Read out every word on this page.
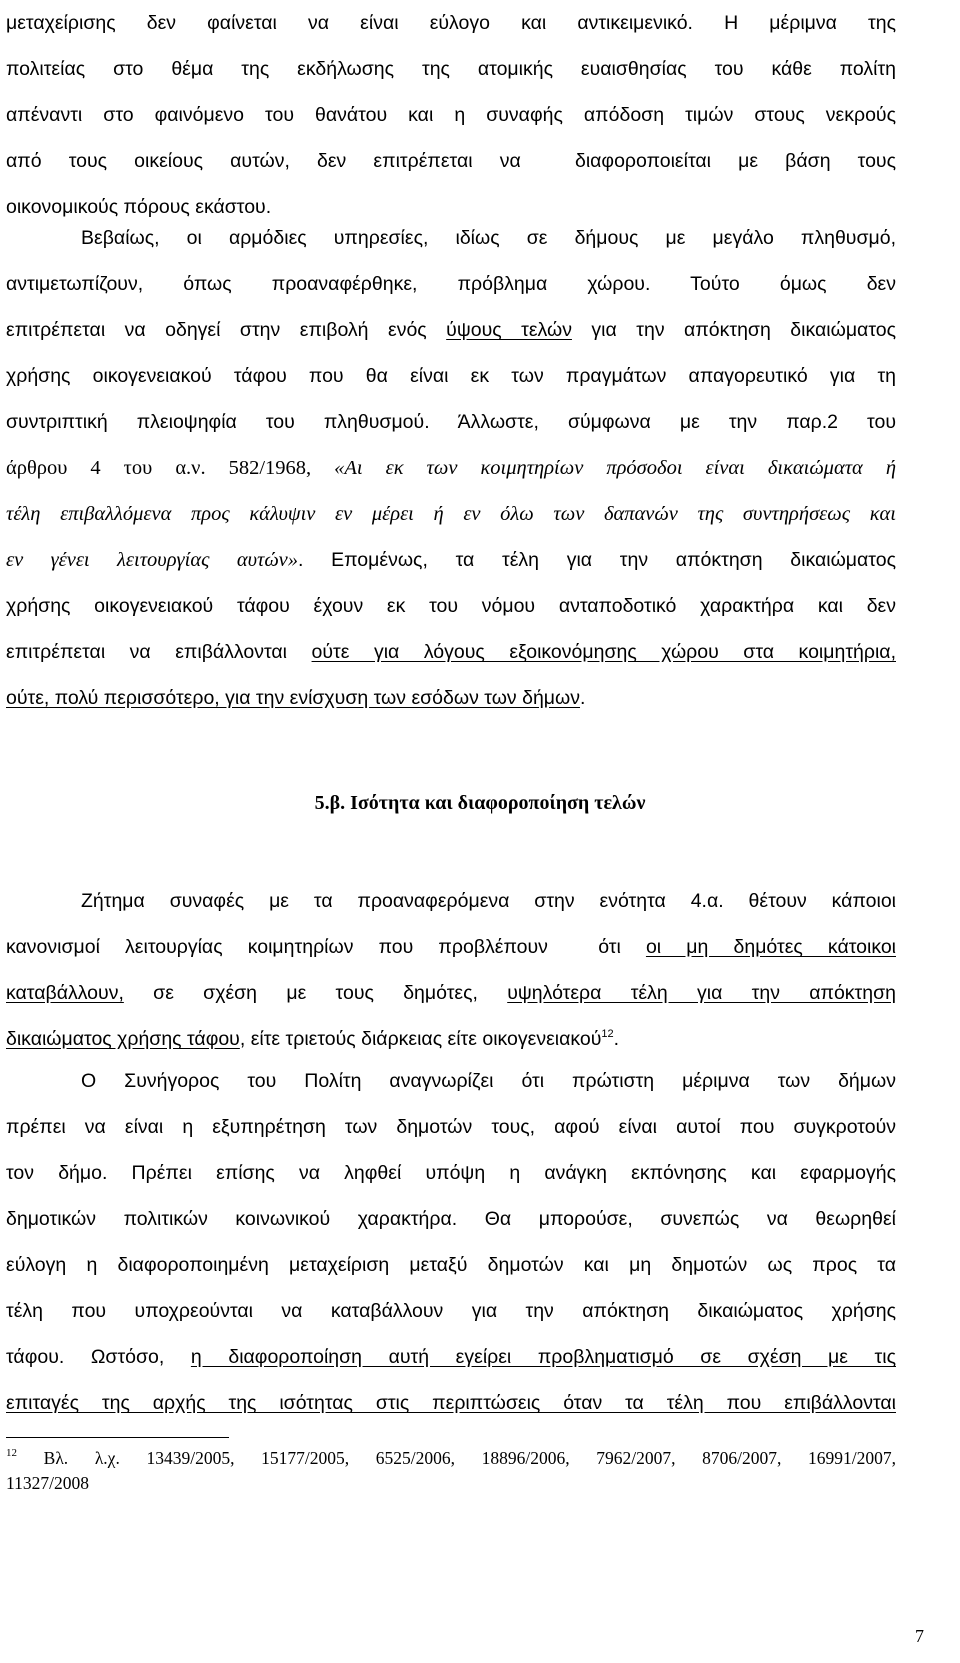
μεταχείρισης δεν φαίνεται να είναι εύλογο και αντικειμενικό. Η μέριμνα της
πολιτείας στο θέμα της εκδήλωσης της ατομικής ευαισθησίας του κάθε πολίτη
απέναντι στο φαινόμενο του θανάτου και η συναφής απόδοση τιμών στους νεκρούς
από τους οικείους αυτών, δεν επιτρέπεται να  διαφοροποιείται με βάση τους
οικονομικούς πόρους εκάστου.
Βεβαίως, οι αρμόδιες υπηρεσίες, ιδίως σε δήμους με μεγάλο πληθυσμό,
αντιμετωπίζουν, όπως προαναφέρθηκε, πρόβλημα χώρου. Τούτο όμως δεν
επιτρέπεται να οδηγεί στην επιβολή ενός ύψους τελών για την απόκτηση δικαιώματος
χρήσης οικογενειακού τάφου που θα είναι εκ των πραγμάτων απαγορευτικό για τη
συντριπτική πλειοψηφία του πληθυσμού. Άλλωστε, σύμφωνα με την παρ.2 του
άρθρου 4 του α.ν. 582/1968, «Αι εκ των κοιμητηρίων πρόσοδοι είναι δικαιώματα ή
τέλη επιβαλλόμενα προς κάλυψιν εν μέρει ή εν όλω των δαπανών της συντηρήσεως και
εν γένει λειτουργίας αυτών». Επομένως, τα τέλη για την απόκτηση δικαιώματος
χρήσης οικογενειακού τάφου έχουν εκ του νόμου ανταποδοτικό χαρακτήρα και δεν
επιτρέπεται να επιβάλλονται ούτε για λόγους εξοικονόμησης χώρου στα κοιμητήρια,
ούτε, πολύ περισσότερο, για την ενίσχυση των εσόδων των δήμων.
5.β. Ισότητα και διαφοροποίηση τελών
Ζήτημα συναφές με τα προαναφερόμενα στην ενότητα 4.α. θέτουν κάποιοι
κανονισμοί λειτουργίας κοιμητηρίων που προβλέπουν  ότι οι μη δημότες κάτοικοι
καταβάλλουν, σε σχέση με τους δημότες, υψηλότερα τέλη για την απόκτηση
δικαιώματος χρήσης τάφου, είτε τριετούς διάρκειας είτε οικογενειακού$^{12}$.
Ο Συνήγορος του Πολίτη αναγνωρίζει ότι πρώτιστη μέριμνα των δήμων
πρέπει να είναι η εξυπηρέτηση των δημοτών τους, αφού είναι αυτοί που συγκροτούν
τον δήμο. Πρέπει επίσης να ληφθεί υπόψη η ανάγκη εκπόνησης και εφαρμογής
δημοτικών πολιτικών κοινωνικού χαρακτήρα. Θα μπορούσε, συνεπώς να θεωρηθεί
εύλογη η διαφοροποιημένη μεταχείριση μεταξύ δημοτών και μη δημοτών ως προς τα
τέλη που υποχρεούνται να καταβάλλουν για την απόκτηση δικαιώματος χρήσης
τάφου. Ωστόσο, η διαφοροποίηση αυτή εγείρει προβληματισμό σε σχέση με τις
επιταγές της αρχής της ισότητας στις περιπτώσεις όταν τα τέλη που επιβάλλονται
$^{12}$ Βλ. λ.χ. 13439/2005, 15177/2005, 6525/2006, 18896/2006, 7962/2007, 8706/2007, 16991/2007,
11327/2008
7
